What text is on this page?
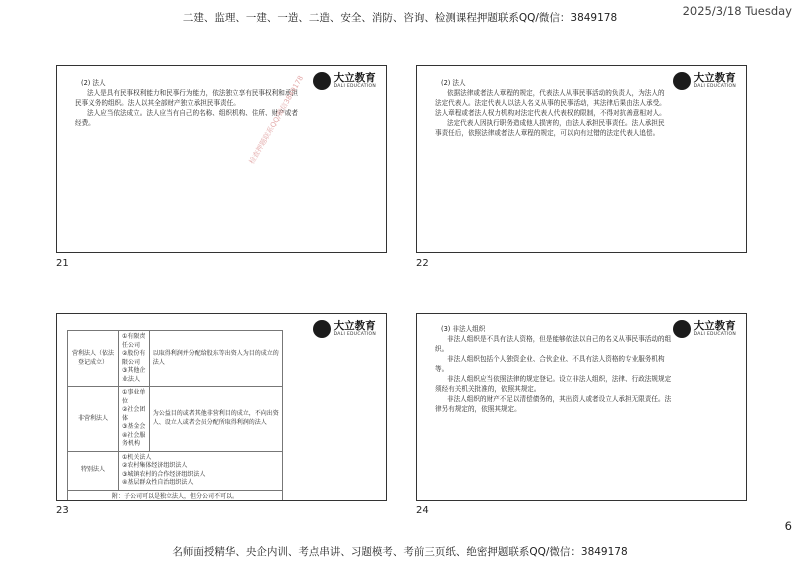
二建、监理、一建、一造、二造、安全、消防、咨询、检测课程押题联系QQ/微信：3849178	2025/3/18 Tuesday
大立教育
DALI EDUCATION
(2) 法人

法人是具有民事权利能力和民事行为能力，依法独立享有民事权利和承担民事义务的组织。法人以其全部财产独立承担民事责任。

法人应当依法成立。法人应当有自己的名称、组织机构、住所、财产或者经费。	检查押题联系QQ/微信3849178
21
大立教育
DALI EDUCATION
(2) 法人

依据法律或者法人章程的规定，代表法人从事民事活动的负责人，为法人的法定代表人。法定代表人以法人名义从事的民事活动，其法律后果由法人承受。法人章程或者法人权力机构对法定代表人代表权的限制，不得对抗善意相对人。

法定代表人因执行职务造成他人损害的，由法人承担民事责任。法人承担民事责任后，依照法律或者法人章程的规定，可以向有过错的法定代表人追偿。

22
大立教育
DALI EDUCATION
营利法人（依法登记成立）	①有限责任公司
②股份有限公司
③其他企业法人	以取得利润并分配给股东等出资人为目的成立的法人
非营利法人	①事业单位
②社会团体
③基金会
④社会服务机构	为公益目的或者其他非营利目的成立，不向出资人、设立人或者会员分配所取得利润的法人
特别法人	①机关法人
②农村集体经济组织法人
③城镇农村的合作经济组织法人
④基层群众性自治组织法人	

附：子公司可以是独立法人，但分公司不可以。		
23
大立教育
DALI EDUCATION
(3) 非法人组织

非法人组织是不具有法人资格，但是能够依法以自己的名义从事民事活动的组织。

非法人组织包括个人独资企业、合伙企业、不具有法人资格的专业服务机构等。

非法人组织应当依照法律的规定登记。设立非法人组织，法律、行政法规规定须经有关机关批准的，依照其规定。

非法人组织的财产不足以清偿债务的，其出资人或者设立人承担无限责任。法律另有规定的，依照其规定。

24
6
名师面授精华、央企内训、考点串讲、习题模考、考前三页纸、绝密押题联系QQ/微信：3849178
